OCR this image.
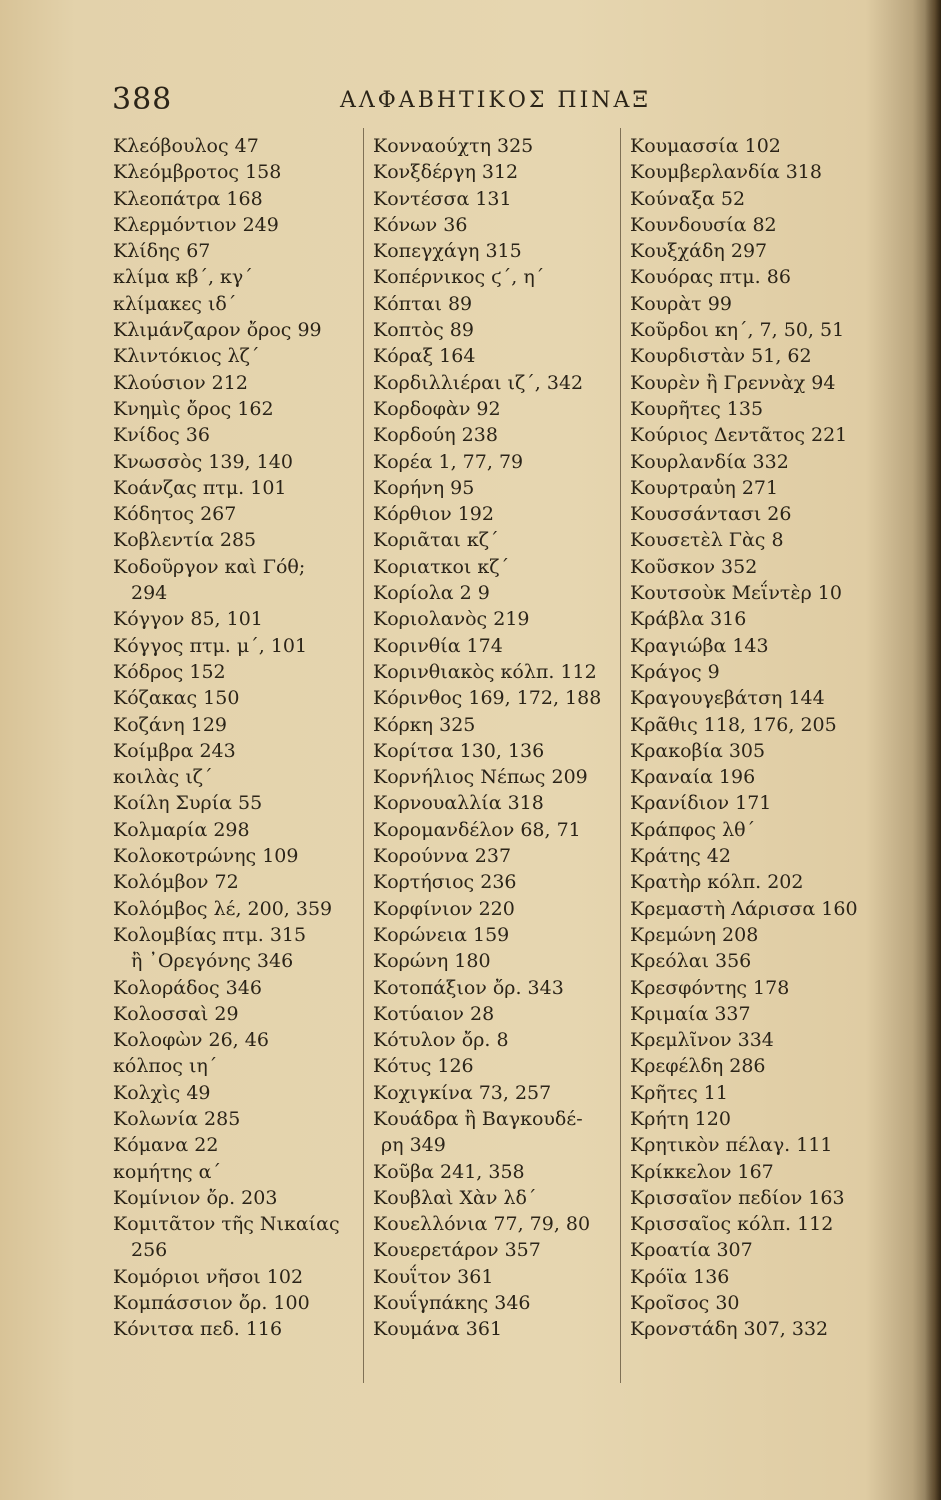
388	ΑΛΦΑΒΗΤΙΚΟΣ ΠΙΝΑΞ
Κλεόβουλος 47
Κλεόμβροτος 158
Κλεοπάτρα 168
Κλερμόντιον 249
Κλίδης 67
κλίμα κβ΄, κγ΄
κλίμακες ιδ΄
Κλιμάνζαρον ὄρος 99
Κλιντόκιος λζ΄
Κλούσιον 212
Κνημὶς ὄρος 162
Κνίδος 36
Κνωσσὸς 139, 140
Κοάνζας πτμ. 101
Κόδητος 267
Κοβλεντία 285
Κοδοῦργον καὶ Γόθ;
294
Κόγγον 85, 101
Κόγγος πτμ. μ΄, 101
Κόδρος 152
Κόζακας 150
Κοζάνη 129
Κοίμβρα 243
κοιλὰς ιζ΄
Κοίλη Συρία 55
Κολμαρία 298
Κολοκοτρώνης 109
Κολόμβον 72
Κολόμβος λέ, 200, 359
Κολομβίας πτμ. 315
ἢ ᾿Ορεγόνης 346
Κολοράδος 346
Κολοσσαὶ 29
Κολοφὼν 26, 46
κόλπος ιη΄
Κολχὶς 49
Κολωνία 285
Κόμανα 22
κομήτης α΄
Κομίνιον ὄρ. 203
Κομιτᾶτον τῆς Νικαίας
256
Κομόριοι νῆσοι 102
Κομπάσσιον ὄρ. 100
Κόνιτσα πεδ. 116
Κονναούχτη 325
Κονξδέργη 312
Κοντέσσα 131
Κόνων 36
Κοπεγχάγη 315
Κοπέρνικος ϛ΄, η΄
Κόπται 89
Κοπτὸς 89
Κόραξ 164
Κορδιλλιέραι ιζ΄, 342
Κορδοφὰν 92
Κορδούη 238
Κορέα 1, 77, 79
Κορήνη 95
Κόρθιον 192
Κοριᾶται κζ΄
Κοριατκοι κζ΄
Κορίολα 2 9
Κοριολανὸς 219
Κορινθία 174
Κορινθιακὸς κόλπ. 112
Κόρινθος 169, 172, 188
Κόρκη 325
Κορίτσα 130, 136
Κορνήλιος Νέπως 209
Κορνουαλλία 318
Κορομανδέλον 68, 71
Κορούννα 237
Κορτήσιος 236
Κορφίνιον 220
Κορώνεια 159
Κορώνη 180
Κοτοπάξιον ὄρ. 343
Κοτύαιον 28
Κότυλον ὄρ. 8
Κότυς 126
Κοχιγκίνα 73, 257
Κουάδρα ἢ Βαγκουδέ-
ρη 349
Κοῦβα 241, 358
Κουβλαὶ Χὰν λδ΄
Κουελλόνια 77, 79, 80
Κουερετάρον 357
Κουΐτον 361
Κουΐγπάκης 346
Κουμάνα 361
Κουμασσία 102
Κουμβερλανδία 318
Κούναξα 52
Κουνδουσία 82
Κουξχάδη 297
Κουόρας πτμ. 86
Κουρὰτ 99
Κοῦρδοι κη΄, 7, 50, 51
Κουρδιστὰν 51, 62
Κουρὲν ἢ Γρεννὰχ 94
Κουρῆτες 135
Κούριος Δεντᾶτος 221
Κουρλανδία 332
Κουρτραὐη 271
Κουσσάντασι 26
Κουσετὲλ Γὰς 8
Κοῦσκον 352
Κουτσοὺκ Μεΐντὲρ 10
Κράβλα 316
Κραγιώβα 143
Κράγος 9
Κραγουγεβάτση 144
Κρᾶθις 118, 176, 205
Κρακοβία 305
Κραναία 196
Κρανίδιον 171
Κράπφος λθ΄
Κράτης 42
Κρατὴρ κόλπ. 202
Κρεμαστὴ Λάρισσα 160
Κρεμώνη 208
Κρεόλαι 356
Κρεσφόντης 178
Κριμαία 337
Κρεμλῖνον 334
Κρεφέλδη 286
Κρῆτες 11
Κρήτη 120
Κρητικὸν πέλαγ. 111
Κρίκκελον 167
Κρισσαῖον πεδίον 163
Κρισσαῖος κόλπ. 112
Κροατία 307
Κρόϊα 136
Κροῖσος 30
Κρονστάδη 307, 332
